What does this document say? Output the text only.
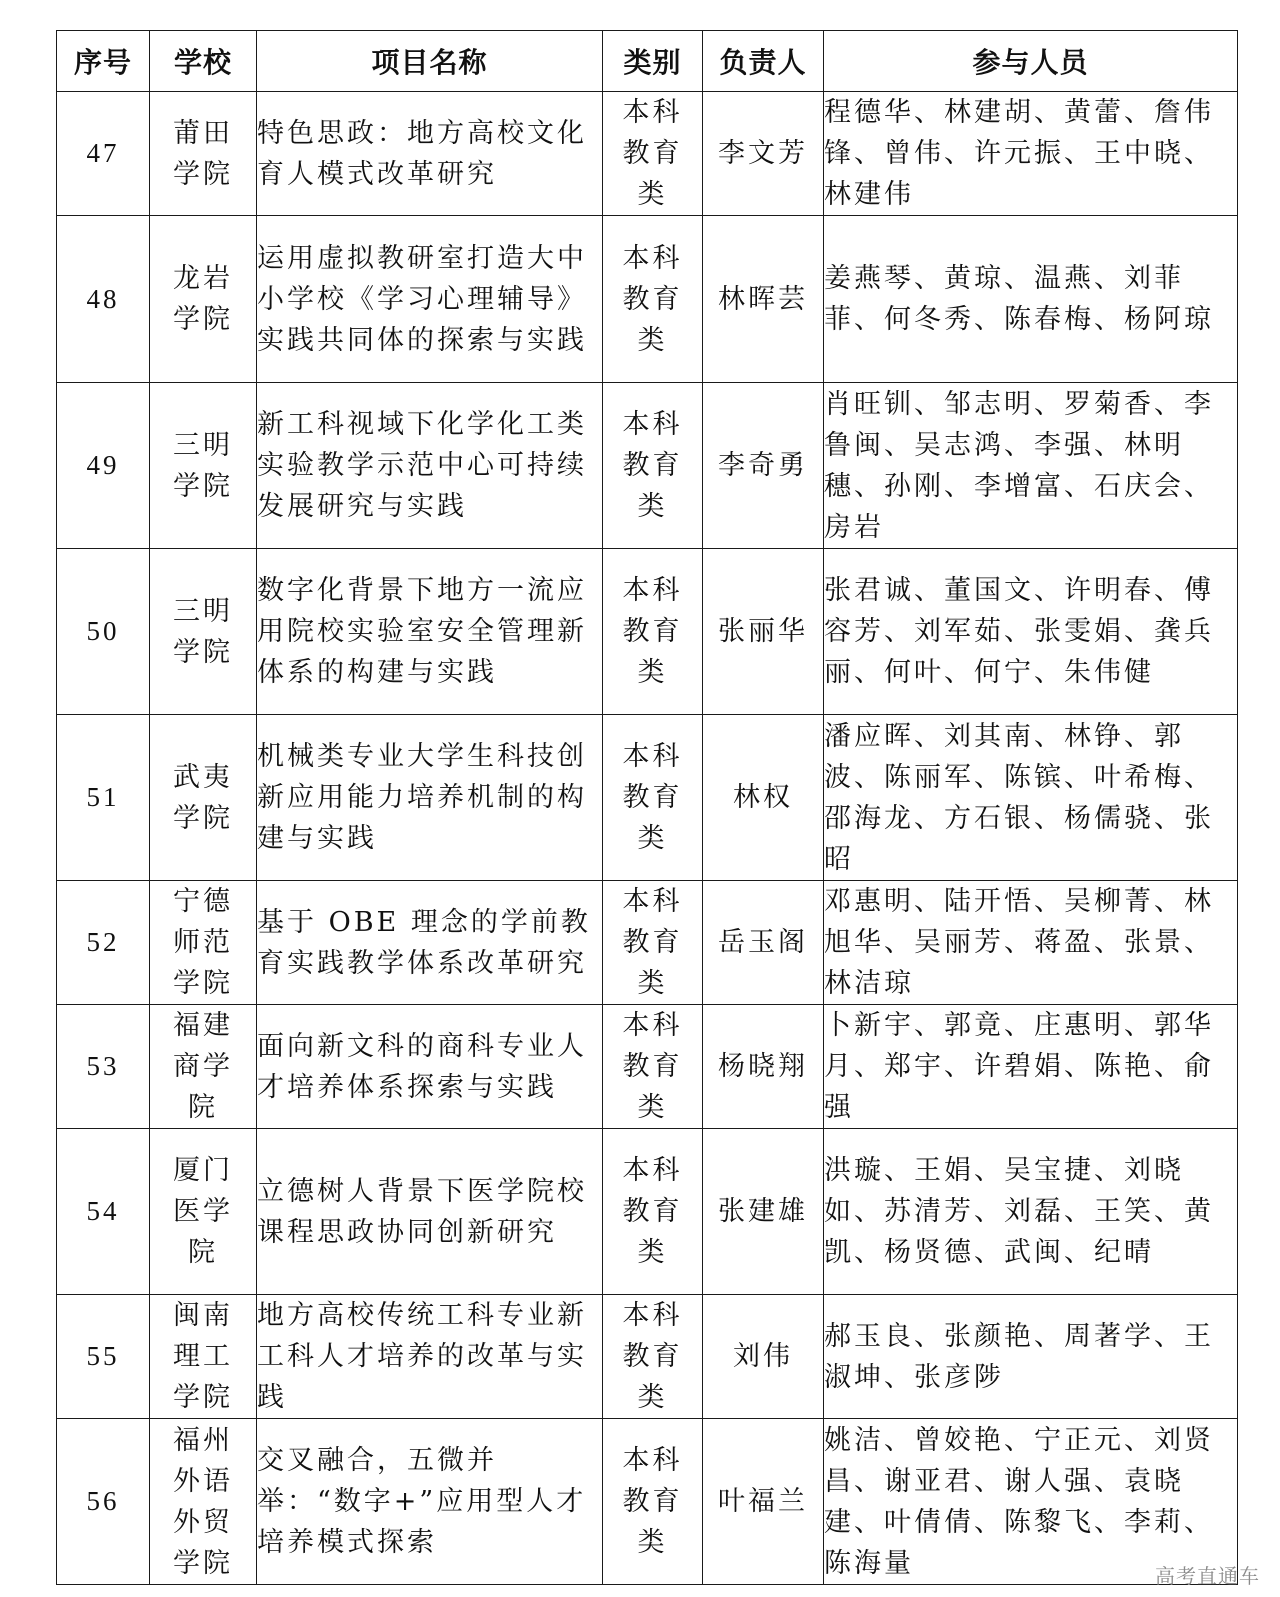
序号	学校	项目名称	类别	负责人	参与人员
47	莆田学院	特色思政：地方高校文化育人模式改革研究	本科教育类	李文芳	程德华、林建胡、黄蕾、詹伟锋、曾伟、许元振、王中晓、林建伟
48	龙岩学院	运用虚拟教研室打造大中小学校《学习心理辅导》实践共同体的探索与实践	本科教育类	林晖芸	姜燕琴、黄琼、温燕、刘菲菲、何冬秀、陈春梅、杨阿琼
49	三明学院	新工科视域下化学化工类实验教学示范中心可持续发展研究与实践	本科教育类	李奇勇	肖旺钏、邹志明、罗菊香、李鲁闽、吴志鸿、李强、林明穗、孙刚、李增富、石庆会、房岩
50	三明学院	数字化背景下地方一流应用院校实验室安全管理新体系的构建与实践	本科教育类	张丽华	张君诚、董国文、许明春、傅容芳、刘军茹、张雯娟、龚兵丽、何叶、何宁、朱伟健
51	武夷学院	机械类专业大学生科技创新应用能力培养机制的构建与实践	本科教育类	林权	潘应晖、刘其南、林铮、郭波、陈丽军、陈镔、叶希梅、邵海龙、方石银、杨儒骁、张昭
52	宁德师范学院	基于 OBE 理念的学前教育实践教学体系改革研究	本科教育类	岳玉阁	邓惠明、陆开悟、吴柳菁、林旭华、吴丽芳、蒋盈、张景、林洁琼
53	福建商学院	面向新文科的商科专业人才培养体系探索与实践	本科教育类	杨晓翔	卜新宇、郭竟、庄惠明、郭华月、郑宇、许碧娟、陈艳、俞强
54	厦门医学院	立德树人背景下医学院校课程思政协同创新研究	本科教育类	张建雄	洪璇、王娟、吴宝捷、刘晓如、苏清芳、刘磊、王笑、黄凯、杨贤德、武闽、纪晴
55	闽南理工学院	地方高校传统工科专业新工科人才培养的改革与实践	本科教育类	刘伟	郝玉良、张颜艳、周著学、王淑坤、张彦陟
56	福州外语外贸学院	交叉融合，五微并举：“数字+”应用型人才培养模式探索	本科教育类	叶福兰	姚洁、曾姣艳、宁正元、刘贤昌、谢亚君、谢人强、袁晓建、叶倩倩、陈黎飞、李莉、陈海量	高考直通车
